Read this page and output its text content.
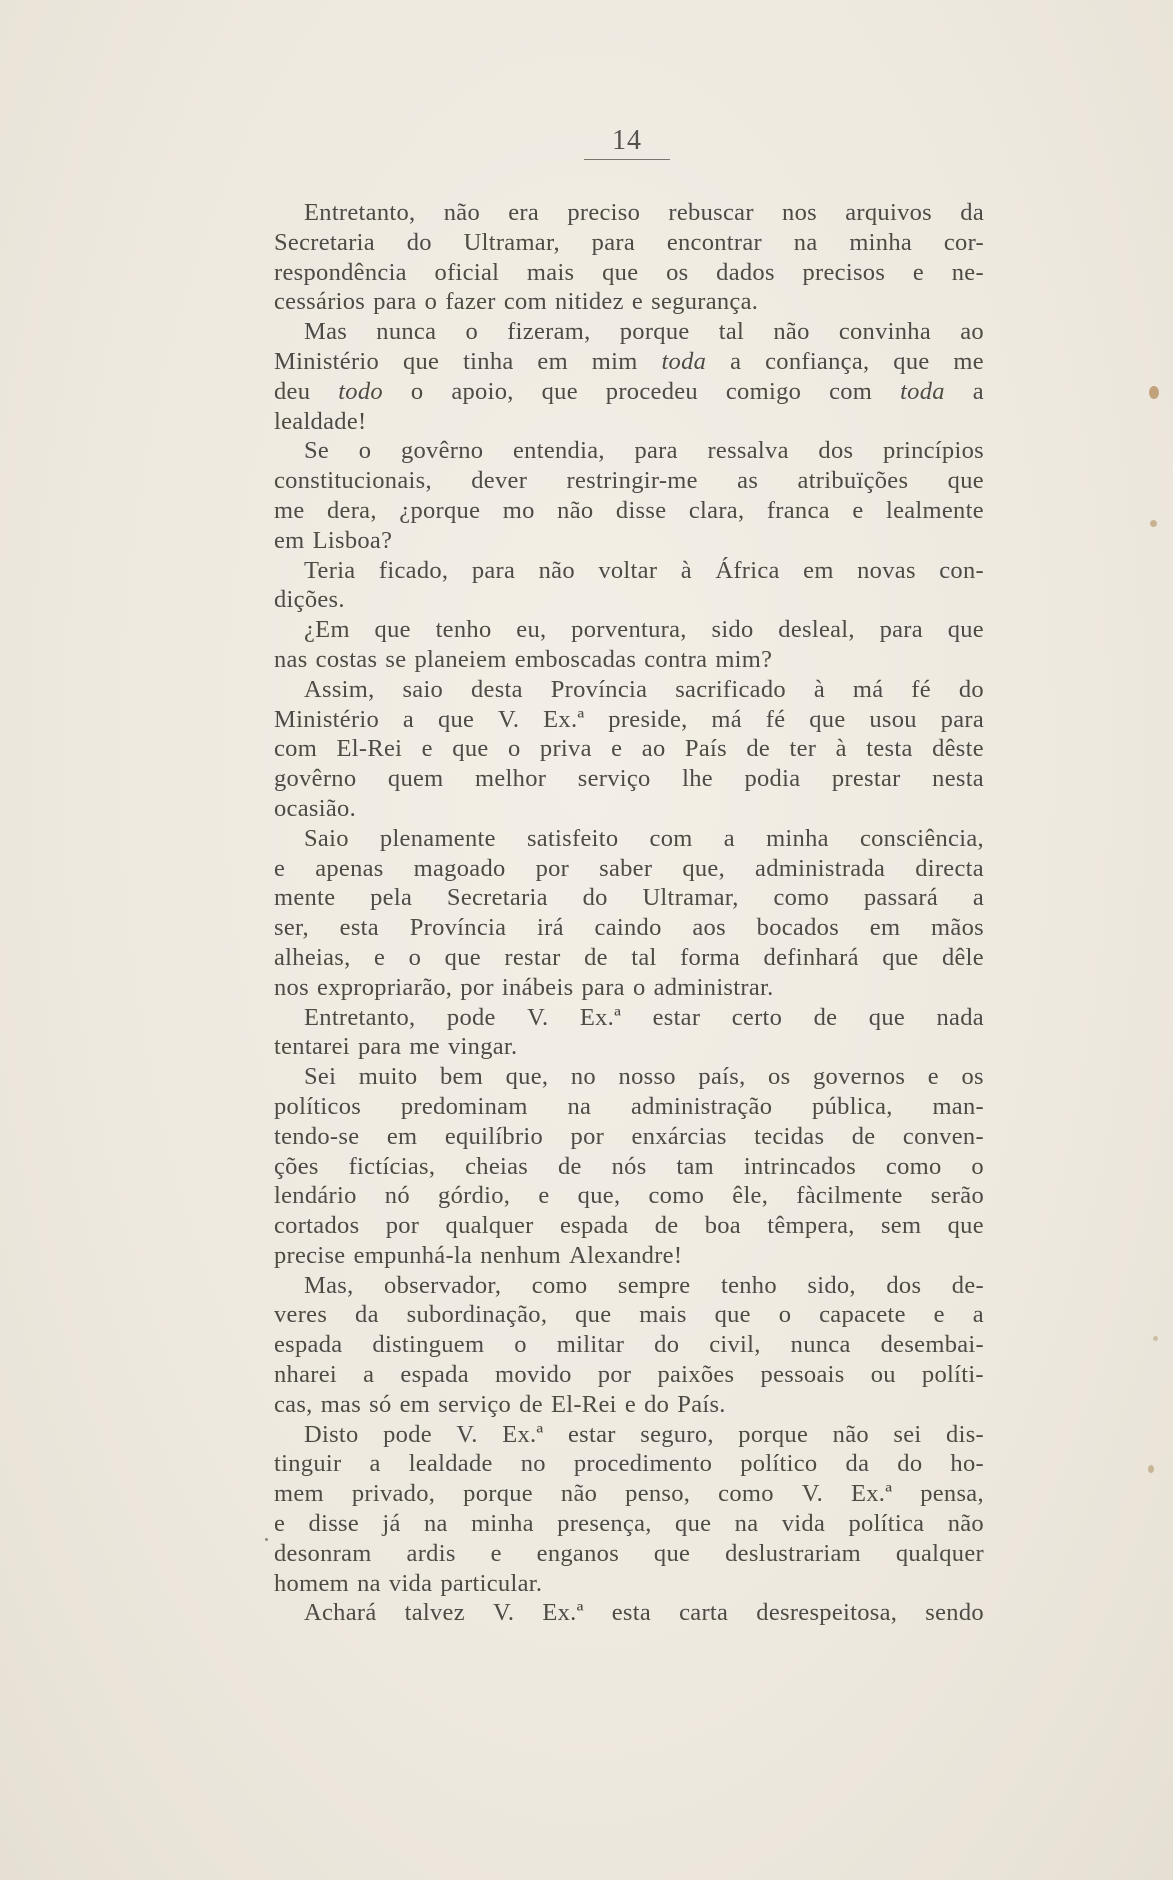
14
Entretanto, não era preciso rebuscar nos arquivos da
Secretaria do Ultramar, para encontrar na minha cor-
respondência oficial mais que os dados precisos e ne-
cessários para o fazer com nitidez e segurança.
Mas nunca o fizeram, porque tal não convinha ao
Ministério que tinha em mim toda a confiança, que me
deu todo o apoio, que procedeu comigo com toda a
lealdade!
Se o govêrno entendia, para ressalva dos princípios
constitucionais, dever restringir-me as atribuïções que
me dera, ¿porque mo não disse clara, franca e lealmente
em Lisboa?
Teria ficado, para não voltar à África em novas con-
dições.
¿Em que tenho eu, porventura, sido desleal, para que
nas costas se planeiem emboscadas contra mim?
Assim, saio desta Província sacrificado à má fé do
Ministério a que V. Ex.ª preside, má fé que usou para
com El-Rei e que o priva e ao País de ter à testa dêste
govêrno quem melhor serviço lhe podia prestar nesta
ocasião.
Saio plenamente satisfeito com a minha consciência,
e apenas magoado por saber que, administrada directa
mente pela Secretaria do Ultramar, como passará a
ser, esta Província irá caindo aos bocados em mãos
alheias, e o que restar de tal forma definhará que dêle
nos expropriarão, por inábeis para o administrar.
Entretanto, pode V. Ex.ª estar certo de que nada
tentarei para me vingar.
Sei muito bem que, no nosso país, os governos e os
políticos predominam na administração pública, man-
tendo-se em equilíbrio por enxárcias tecidas de conven-
ções fictícias, cheias de nós tam intrincados como o
lendário nó górdio, e que, como êle, fàcilmente serão
cortados por qualquer espada de boa têmpera, sem que
precise empunhá-la nenhum Alexandre!
Mas, observador, como sempre tenho sido, dos de-
veres da subordinação, que mais que o capacete e a
espada distinguem o militar do civil, nunca desembai-
nharei a espada movido por paixões pessoais ou políti-
cas, mas só em serviço de El-Rei e do País.
Disto pode V. Ex.ª estar seguro, porque não sei dis-
tinguir a lealdade no procedimento político da do ho-
mem privado, porque não penso, como V. Ex.ª pensa,
e disse já na minha presença, que na vida política não
desonram ardis e enganos que deslustrariam qualquer
homem na vida particular.
Achará talvez V. Ex.ª esta carta desrespeitosa, sendo
